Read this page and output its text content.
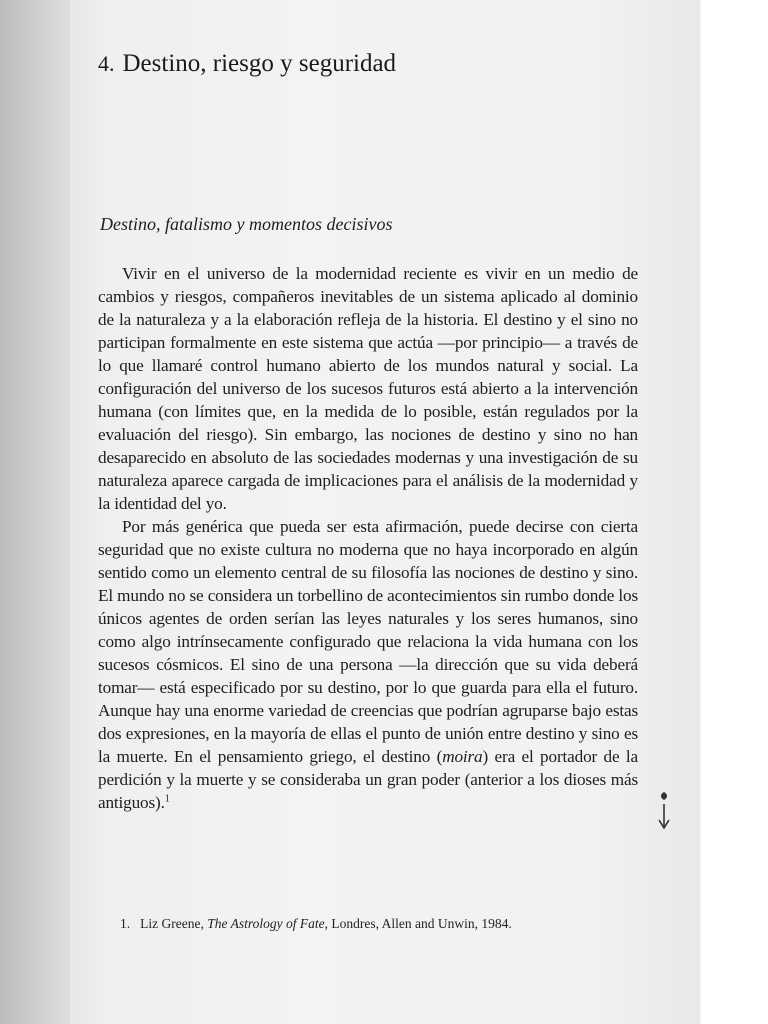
4. Destino, riesgo y seguridad
Destino, fatalismo y momentos decisivos

Vivir en el universo de la modernidad reciente es vivir en un medio de cambios y riesgos, compañeros inevitables de un sistema aplicado al dominio de la naturaleza y a la elaboración refleja de la historia. El destino y el sino no participan formalmente en este sistema que actúa —por principio— a través de lo que llamaré control humano abierto de los mundos natural y social. La configuración del universo de los sucesos futuros está abierto a la intervención humana (con límites que, en la medida de lo posible, están regulados por la evaluación del riesgo). Sin embargo, las nociones de destino y sino no han desaparecido en absoluto de las sociedades modernas y una investigación de su naturaleza aparece cargada de implicaciones para el análisis de la modernidad y la identidad del yo.

Por más genérica que pueda ser esta afirmación, puede decirse con cierta seguridad que no existe cultura no moderna que no haya incorporado en algún sentido como un elemento central de su filosofía las nociones de destino y sino. El mundo no se considera un torbellino de acontecimientos sin rumbo donde los únicos agentes de orden serían las leyes naturales y los seres humanos, sino como algo intrínsecamente configurado que relaciona la vida humana con los sucesos cósmicos. El sino de una persona —la dirección que su vida deberá tomar— está especificado por su destino, por lo que guarda para ella el futuro. Aunque hay una enorme variedad de creencias que podrían agruparse bajo estas dos expresiones, en la mayoría de ellas el punto de unión entre destino y sino es la muerte. En el pensamiento griego, el destino (moira) era el portador de la perdición y la muerte y se consideraba un gran poder (anterior a los dioses más antiguos).$^1$

1. Liz Greene, The Astrology of Fate, Londres, Allen and Unwin, 1984.
